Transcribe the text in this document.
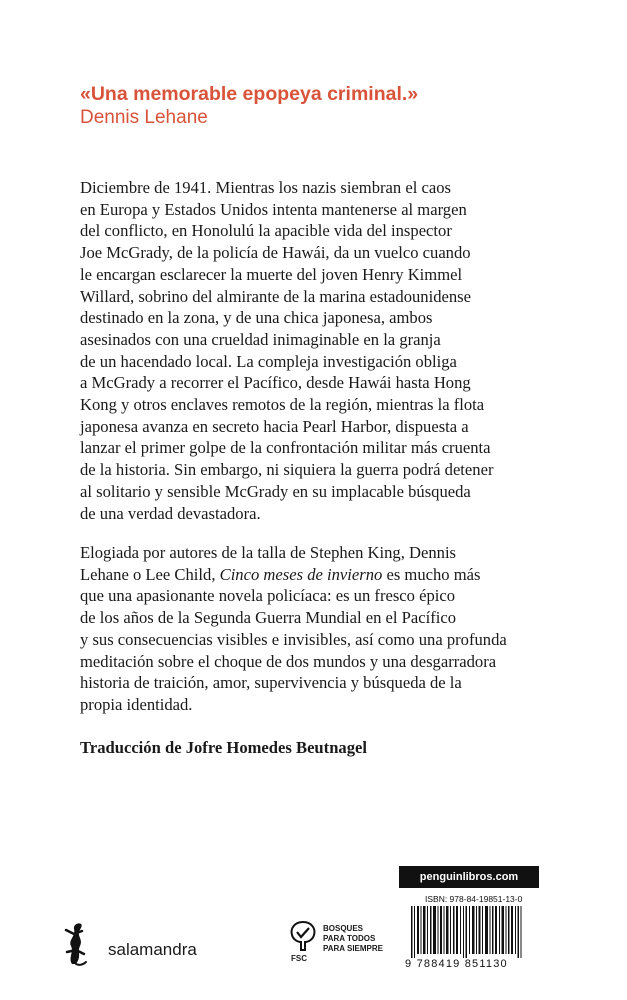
«Una memorable epopeya criminal.»

Dennis Lehane

Diciembre de 1941. Mientras los nazis siembran el caos
en Europa y Estados Unidos intenta mantenerse al margen
del conflicto, en Honolulú la apacible vida del inspector
Joe McGrady, de la policía de Hawái, da un vuelco cuando
le encargan esclarecer la muerte del joven Henry Kimmel
Willard, sobrino del almirante de la marina estadounidense
destinado en la zona, y de una chica japonesa, ambos
asesinados con una crueldad inimaginable en la granja
de un hacendado local. La compleja investigación obliga
a McGrady a recorrer el Pacífico, desde Hawái hasta Hong
Kong y otros enclaves remotos de la región, mientras la flota
japonesa avanza en secreto hacia Pearl Harbor, dispuesta a
lanzar el primer golpe de la confrontación militar más cruenta
de la historia. Sin embargo, ni siquiera la guerra podrá detener
al solitario y sensible McGrady en su implacable búsqueda
de una verdad devastadora.
Elogiada por autores de la talla de Stephen King, Dennis
Lehane o Lee Child, Cinco meses de invierno es mucho más
que una apasionante novela policíaca: es un fresco épico
de los años de la Segunda Guerra Mundial en el Pacífico
y sus consecuencias visibles e invisibles, así como una profunda
meditación sobre el choque de dos mundos y una desgarradora
historia de traición, amor, supervivencia y búsqueda de la
propia identidad.

Traducción de Jofre Homedes Beutnagel

salamandra	FSC
BOSQUES
PARA TODOS
PARA SIEMPRE
penguinlibros.com
ISBN: 978-84-19851-13-0
9 788419 851130
